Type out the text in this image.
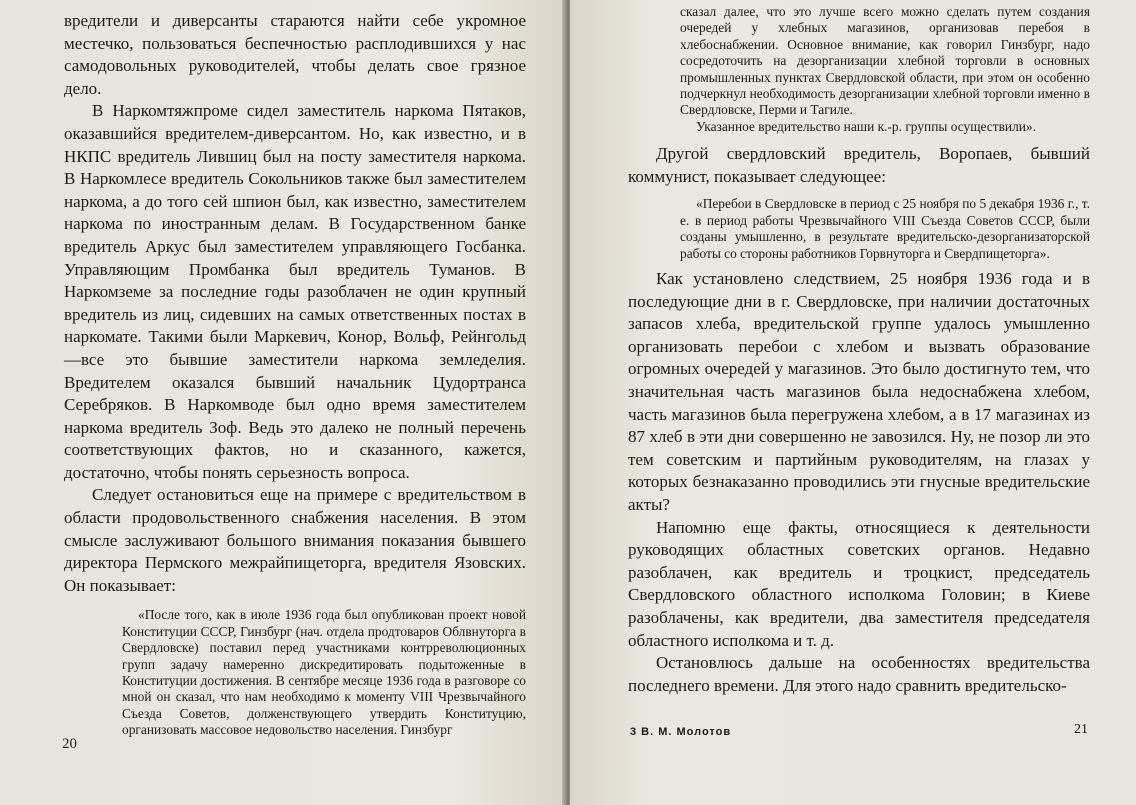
вредители и диверсанты стараются найти себе укромное местечко, пользоваться беспечностью расплодившихся у нас самодовольных руководителей, чтобы делать свое грязное дело.

В Наркомтяжпроме сидел заместитель наркома Пятаков, оказавшийся вредителем-диверсантом. Но, как известно, и в НКПС вредитель Лившиц был на посту заместителя наркома. В Наркомлесе вредитель Сокольников также был заместителем наркома, а до того сей шпион был, как известно, заместителем наркома по иностранным делам. В Государственном банке вредитель Аркус был заместителем управляющего Госбанка. Управляющим Промбанка был вредитель Туманов. В Наркомземе за последние годы разоблачен не один крупный вредитель из лиц, сидевших на самых ответственных постах в наркомате. Такими были Маркевич, Конор, Вольф, Рейнгольд—все это бывшие заместители наркома земледелия. Вредителем оказался бывший начальник Цудортранса Серебряков. В Наркомводе был одно время заместителем наркома вредитель Зоф. Ведь это далеко не полный перечень соответствующих фактов, но и сказанного, кажется, достаточно, чтобы понять серьезность вопроса.

Следует остановиться еще на примере с вредительством в области продовольственного снабжения населения. В этом смысле заслуживают большого внимания показания бывшего директора Пермского межрайпищеторга, вредителя Язовских. Он показывает:

«После того, как в июле 1936 года был опубликован проект новой Конституции СССР, Гинзбург (нач. отдела продтоваров Облвнуторга в Свердловске) поставил перед участниками контрреволюционных групп задачу намеренно дискредитировать подытоженные в Конституции достижения. В сентябре месяце 1936 года в разговоре со мной он сказал, что нам необходимо к моменту VIII Чрезвычайного Съезда Советов, долженствующего утвердить Конституцию, организовать массовое недовольство населения. Гинзбург

20

сказал далее, что это лучше всего можно сделать путем создания очередей у хлебных магазинов, организовав перебоя в хлебоснабжении. Основное внимание, как говорил Гинзбург, надо сосредоточить на дезорганизации хлебной торговли в основных промышленных пунктах Свердловской области, при этом он особенно подчеркнул необходимость дезорганизации хлебной торговли именно в Свердловске, Перми и Тагиле.

Указанное вредительство наши к.-р. группы осуществили».

Другой свердловский вредитель, Воропаев, бывший коммунист, показывает следующее:

«Перебои в Свердловске в период с 25 ноября по 5 декабря 1936 г., т. е. в период работы Чрезвычайного VIII Съезда Советов СССР, были созданы умышленно, в результате вредительско-дезорганизаторской работы со стороны работников Горвнуторга и Свердпищеторга».

Как установлено следствием, 25 ноября 1936 года и в последующие дни в г. Свердловске, при наличии достаточных запасов хлеба, вредительской группе удалось умышленно организовать перебои с хлебом и вызвать образование огромных очередей у магазинов. Это было достигнуто тем, что значительная часть магазинов была недоснабжена хлебом, часть магазинов была перегружена хлебом, а в 17 магазинах из 87 хлеб в эти дни совершенно не завозился. Ну, не позор ли это тем советским и партийным руководителям, на глазах у которых безнаказанно проводились эти гнусные вредительские акты?

Напомню еще факты, относящиеся к деятельности руководящих областных советских органов. Недавно разоблачен, как вредитель и троцкист, председатель Свердловского областного исполкома Головин; в Киеве разоблачены, как вредители, два заместителя председателя областного исполкома и т. д.

Остановлюсь дальше на особенностях вредительства последнего времени. Для этого надо сравнить вредительско-

3 В. М. Молотов	21
